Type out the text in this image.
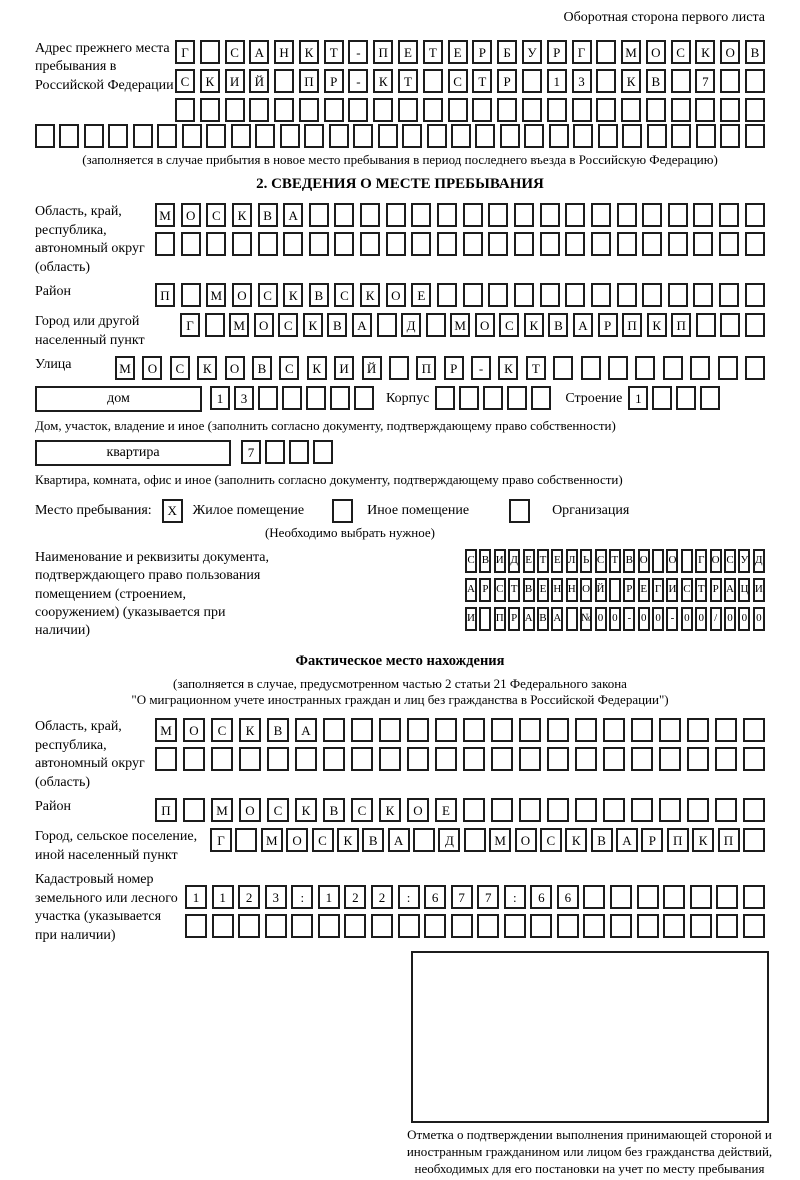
Оборотная сторона первого листа
Адрес прежнего места пребывания в Российской Федерации
Г	С	А	Н	К	Т	-	П	Е	Т	Е	Р	Б	У	Р	Г	М	О	С	К	О	В
С	К	И	Й	П	Р	-	К	Т	С	Т	Р	1	3	К	В	7
(заполняется в случае прибытия в новое место пребывания в период последнего въезда в Российскую Федерацию)
2. СВЕДЕНИЯ О МЕСТЕ ПРЕБЫВАНИЯ
Область, край, республика, автономный округ (область)
М	О	С	К	В	А
Район	П	М	О	С	К	В	С	К	О	Е
Город или другой населенный пункт
Г	М	О	С	К	В	А	Д	М	О	С	К	В	А	Р	П	К	П
Улица	М	О	С	К	О	В	С	К	И	Й	П	Р	-	К	Т
дом	1	3	Корпус	Строение 1
Дом, участок, владение и иное (заполнить согласно документу, подтверждающему право собственности)
квартира	7
Квартира, комната, офис и иное (заполнить согласно документу, подтверждающему право собственности)
Место пребывания:	X	Жилое помещение	Иное помещение	Организация
(Необходимо выбрать нужное)
Наименование и реквизиты документа, подтверждающего право пользования помещением (строением, сооружением) (указывается при наличии)
С В И Д Е Т Е Л Ь С Т В О О Г О С У Д
А Р С Т В Е Н Н О Й Р Е Г И С Т Р А Ц И
И П Р А В А № 0 0 - 0 0 - 0 0 / 0 0 0
Фактическое место нахождения
(заполняется в случае, предусмотренном частью 2 статьи 21 Федерального закона
"О миграционном учете иностранных граждан и лиц без гражданства в Российской Федерации")
Область, край, республика, автономный округ (область)
М	О	С	К	В	А
Район	П	М	О	С	К	В	С	К	О	Е
Город, сельское поселение, иной населенный пункт
Г	М	О	С	К	В	А	Д	М	О	С	К	В	А	Р	П	К	П
Кадастровый номер земельного или лесного участка (указывается при наличии)
1	1	2	3	:	1	2	2	:	6	7	7	:	6	6
Отметка о подтверждении выполнения принимающей стороной и иностранным гражданином или лицом без гражданства действий, необходимых для его постановки на учет по месту пребывания
